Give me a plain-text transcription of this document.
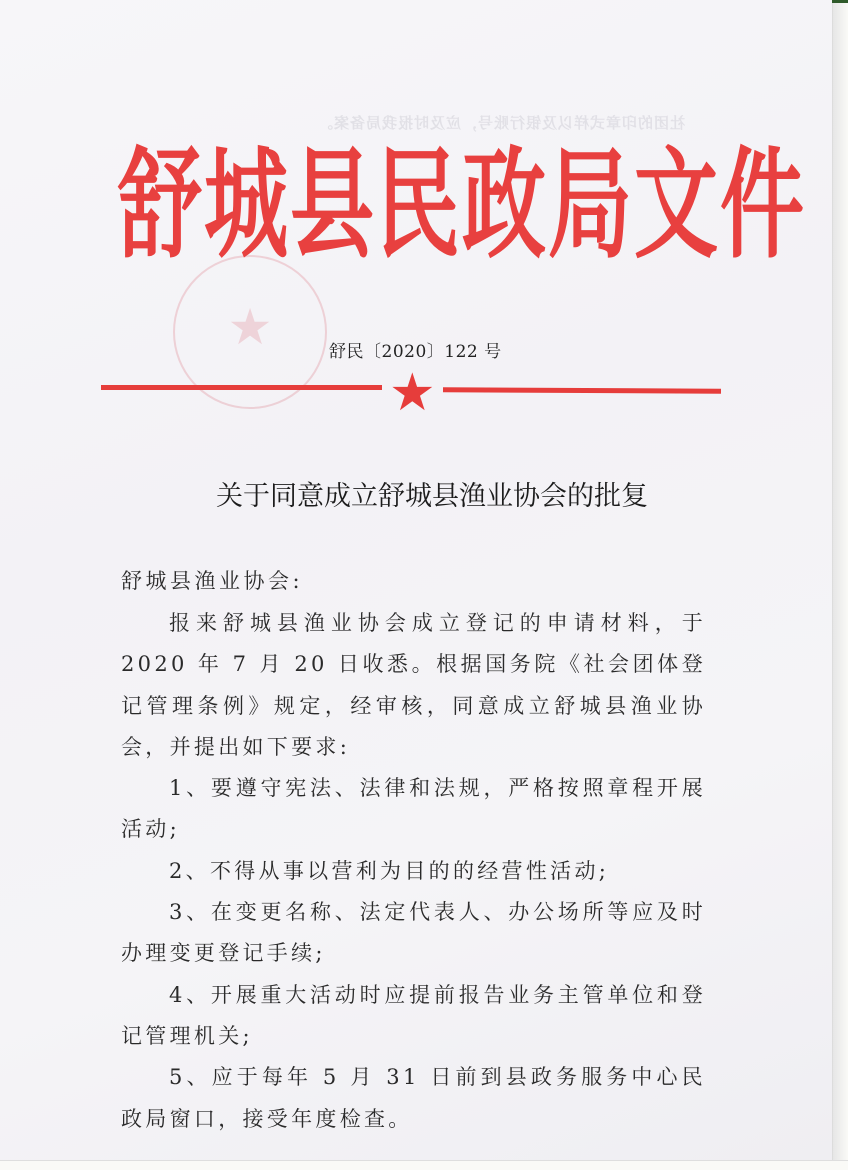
社团的印章式样以及银行账号，应及时报我局备案。
★
舒城县民政局文件
舒民〔2020〕122 号
★
关于同意成立舒城县渔业协会的批复
舒城县渔业协会:

报来舒城县渔业协会成立登记的申请材料，于 2020 年 7 月 20 日收悉。根据国务院《社会团体登记管理条例》规定，经审核，同意成立舒城县渔业协会，并提出如下要求:

1、要遵守宪法、法律和法规，严格按照章程开展活动;

2、不得从事以营利为目的的经营性活动;

3、在变更名称、法定代表人、办公场所等应及时办理变更登记手续;

4、开展重大活动时应提前报告业务主管单位和登记管理机关;

5、应于每年 5 月 31 日前到县政务服务中心民政局窗口，接受年度检查。
